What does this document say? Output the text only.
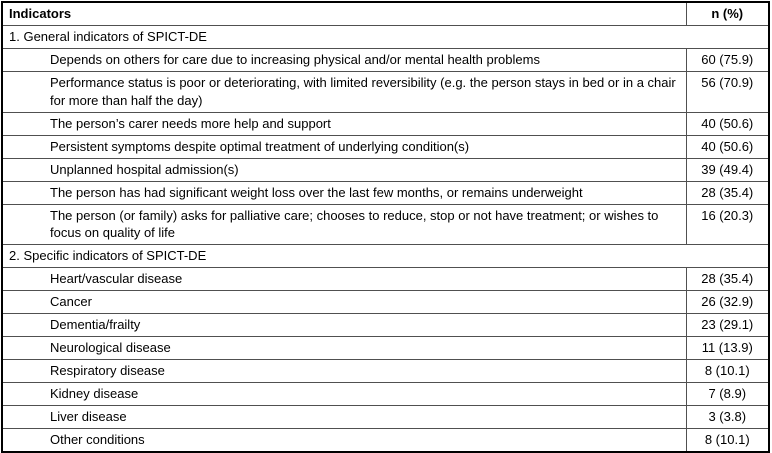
Indicators	n (%)
1. General indicators of SPICT-DE	
Depends on others for care due to increasing physical and/or mental health problems	60 (75.9)
Performance status is poor or deteriorating, with limited reversibility (e.g. the person stays in bed or in a chair for more than half the day)	56 (70.9)
The person’s carer needs more help and support	40 (50.6)
Persistent symptoms despite optimal treatment of underlying condition(s)	40 (50.6)
Unplanned hospital admission(s)	39 (49.4)
The person has had significant weight loss over the last few months, or remains underweight	28 (35.4)
The person (or family) asks for palliative care; chooses to reduce, stop or not have treatment; or wishes to focus on quality of life	16 (20.3)
2. Specific indicators of SPICT-DE	
Heart/vascular disease	28 (35.4)
Cancer	26 (32.9)
Dementia/frailty	23 (29.1)
Neurological disease	11 (13.9)
Respiratory disease	8 (10.1)
Kidney disease	7 (8.9)
Liver disease	3 (3.8)
Other conditions	8 (10.1)
